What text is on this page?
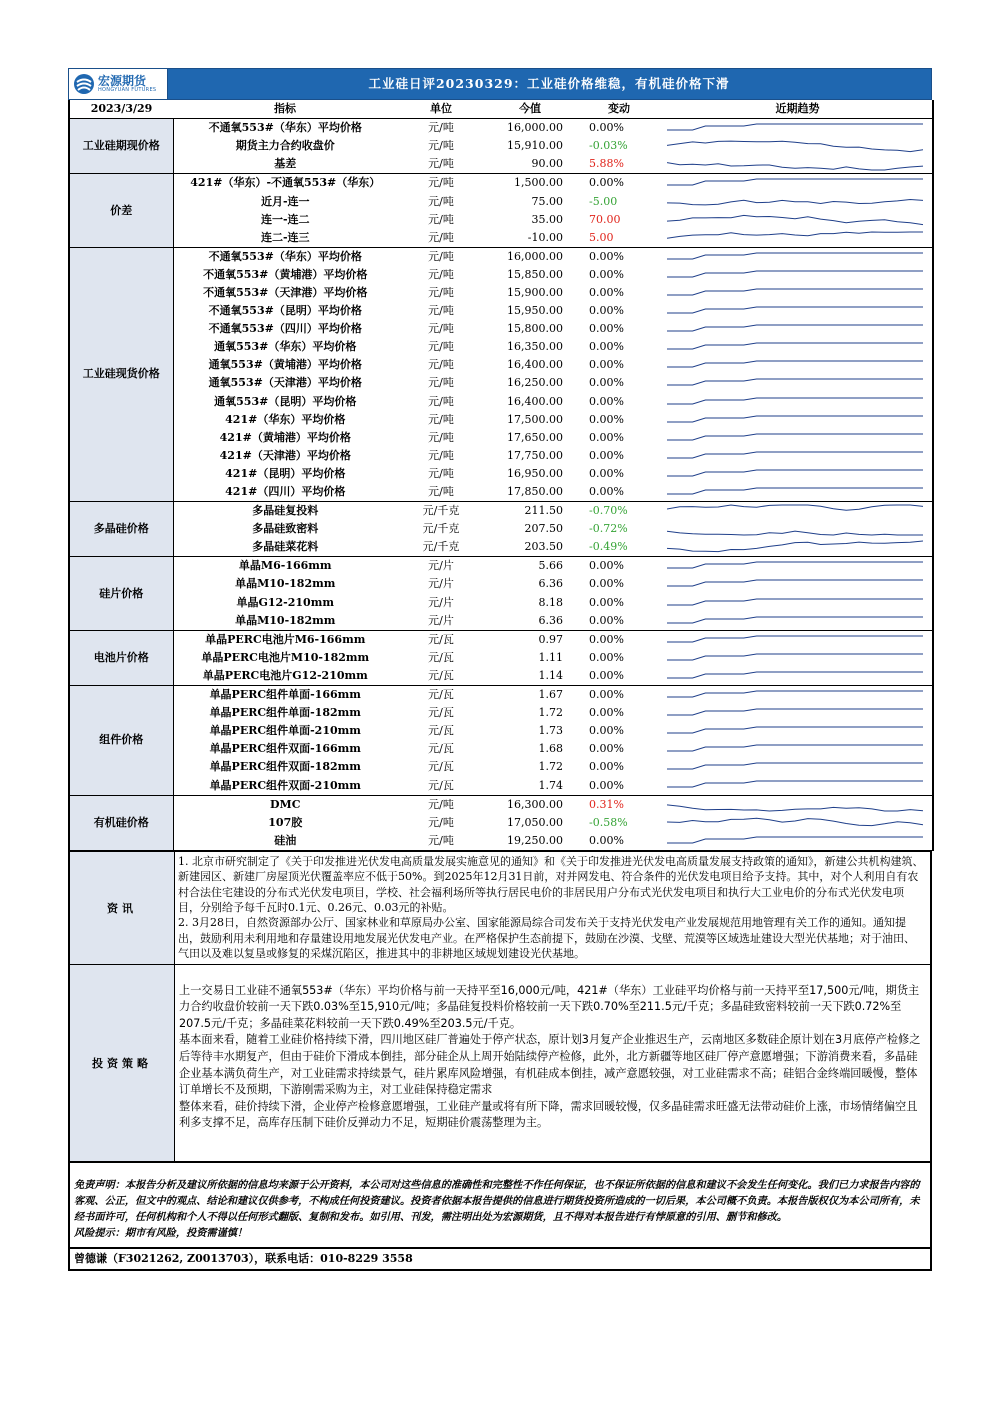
宏源期货
HONGYUAN FUTURES	工业硅日评20230329：工业硅价格维稳，有机硅价格下滑
2023/3/29	指标	单位	今值	变动	近期趋势
工业硅期现价格	不通氧553#（华东）平均价格	元/吨	16,000.00	0.00%	

	期货主力合约收盘价	元/吨	15,910.00	-0.03%	

	基差	元/吨	90.00	5.88%	

价差	421#（华东）-不通氧553#（华东）	元/吨	1,500.00	0.00%	

	近月-连一	元/吨	75.00	-5.00	

	连一-连二	元/吨	35.00	70.00	

	连二-连三	元/吨	-10.00	5.00	

工业硅现货价格	不通氧553#（华东）平均价格	元/吨	16,000.00	0.00%	

	不通氧553#（黄埔港）平均价格	元/吨	15,850.00	0.00%	

	不通氧553#（天津港）平均价格	元/吨	15,900.00	0.00%	

	不通氧553#（昆明）平均价格	元/吨	15,950.00	0.00%	

	不通氧553#（四川）平均价格	元/吨	15,800.00	0.00%	

	通氧553#（华东）平均价格	元/吨	16,350.00	0.00%	

	通氧553#（黄埔港）平均价格	元/吨	16,400.00	0.00%	

	通氧553#（天津港）平均价格	元/吨	16,250.00	0.00%	

	通氧553#（昆明）平均价格	元/吨	16,400.00	0.00%	

	421#（华东）平均价格	元/吨	17,500.00	0.00%	

	421#（黄埔港）平均价格	元/吨	17,650.00	0.00%	

	421#（天津港）平均价格	元/吨	17,750.00	0.00%	

	421#（昆明）平均价格	元/吨	16,950.00	0.00%	

	421#（四川）平均价格	元/吨	17,850.00	0.00%	

多晶硅价格	多晶硅复投料	元/千克	211.50	-0.70%	

	多晶硅致密料	元/千克	207.50	-0.72%	

	多晶硅菜花料	元/千克	203.50	-0.49%	

硅片价格	单晶M6-166mm	元/片	5.66	0.00%	

	单晶M10-182mm	元/片	6.36	0.00%	

	单晶G12-210mm	元/片	8.18	0.00%	

	单晶M10-182mm	元/片	6.36	0.00%	

电池片价格	单晶PERC电池片M6-166mm	元/瓦	0.97	0.00%	

	单晶PERC电池片M10-182mm	元/瓦	1.11	0.00%	

	单晶PERC电池片G12-210mm	元/瓦	1.14	0.00%	

组件价格	单晶PERC组件单面-166mm	元/瓦	1.67	0.00%	

	单晶PERC组件单面-182mm	元/瓦	1.72	0.00%	

	单晶PERC组件单面-210mm	元/瓦	1.73	0.00%	

	单晶PERC组件双面-166mm	元/瓦	1.68	0.00%	

	单晶PERC组件双面-182mm	元/瓦	1.72	0.00%	

	单晶PERC组件双面-210mm	元/瓦	1.74	0.00%	

有机硅价格	DMC	元/吨	16,300.00	0.31%	

	107胶	元/吨	17,050.00	-0.58%	

	硅油	元/吨	19,250.00	0.00%	
资讯

1. 北京市研究制定了《关于印发推进光伏发电高质量发展实施意见的通知》和《关于印发推进光伏发电高质量发展支持政策的通知》，新建公共机构建筑、新建园区、新建厂房屋顶光伏覆盖率应不低于50%。到2025年12月31日前，对并网发电、符合条件的光伏发电项目给予支持。其中，对个人利用自有农村合法住宅建设的分布式光伏发电项目，学校、社会福利场所等执行居民电价的非居民用户分布式光伏发电项目和执行大工业电价的分布式光伏发电项目，分别给予每千瓦时0.1元、0.26元、0.03元的补贴。

2. 3月28日，自然资源部办公厅、国家林业和草原局办公室、国家能源局综合司发布关于支持光伏发电产业发展规范用地管理有关工作的通知。通知提出，鼓励利用未利用地和存量建设用地发展光伏发电产业。在严格保护生态前提下，鼓励在沙漠、戈壁、荒漠等区域选址建设大型光伏基地；对于油田、气田以及难以复垦或修复的采煤沉陷区，推进其中的非耕地区域规划建设光伏基地。

投资策略

上一交易日工业硅不通氧553#（华东）平均价格与前一天持平至16,000元/吨，421#（华东）工业硅平均价格与前一天持平至17,500元/吨，期货主力合约收盘价较前一天下跌0.03%至15,910元/吨；多晶硅复投料价格较前一天下跌0.70%至211.5元/千克；多晶硅致密料较前一天下跌0.72%至207.5元/千克；多晶硅菜花料较前一天下跌0.49%至203.5元/千克。

基本面来看，随着工业硅价格持续下滑，四川地区硅厂普遍处于停产状态，原计划3月复产企业推迟生产，云南地区多数硅企原计划在3月底停产检修之后等待丰水期复产，但由于硅价下滑成本倒挂，部分硅企从上周开始陆续停产检修，此外，北方新疆等地区硅厂停产意愿增强；下游消费来看，多晶硅企业基本满负荷生产，对工业硅需求持续景气，硅片累库风险增强，有机硅成本倒挂，减产意愿较强，对工业硅需求不高；硅铝合金终端回暖慢，整体订单增长不及预期，下游刚需采购为主，对工业硅保持稳定需求

整体来看，硅价持续下滑，企业停产检修意愿增强，工业硅产量或将有所下降，需求回暖较慢，仅多晶硅需求旺盛无法带动硅价上涨，市场情绪偏空且利多支撑不足，高库存压制下硅价反弹动力不足，短期硅价震荡整理为主。

免责声明：本报告分析及建议所依据的信息均来源于公开资料，本公司对这些信息的准确性和完整性不作任何保证，也不保证所依据的信息和建议不会发生任何变化。我们已力求报告内容的客观、公正，但文中的观点、结论和建议仅供参考，不构成任何投资建议。投资者依据本报告提供的信息进行期货投资所造成的一切后果，本公司概不负责。本报告版权仅为本公司所有，未经书面许可，任何机构和个人不得以任何形式翻版、复制和发布。如引用、刊发，需注明出处为宏源期货，且不得对本报告进行有悖原意的引用、删节和修改。

风险提示：期市有风险，投资需谨慎！

曾德谦（F3021262, Z0013703），联系电话：010-8229 3558
